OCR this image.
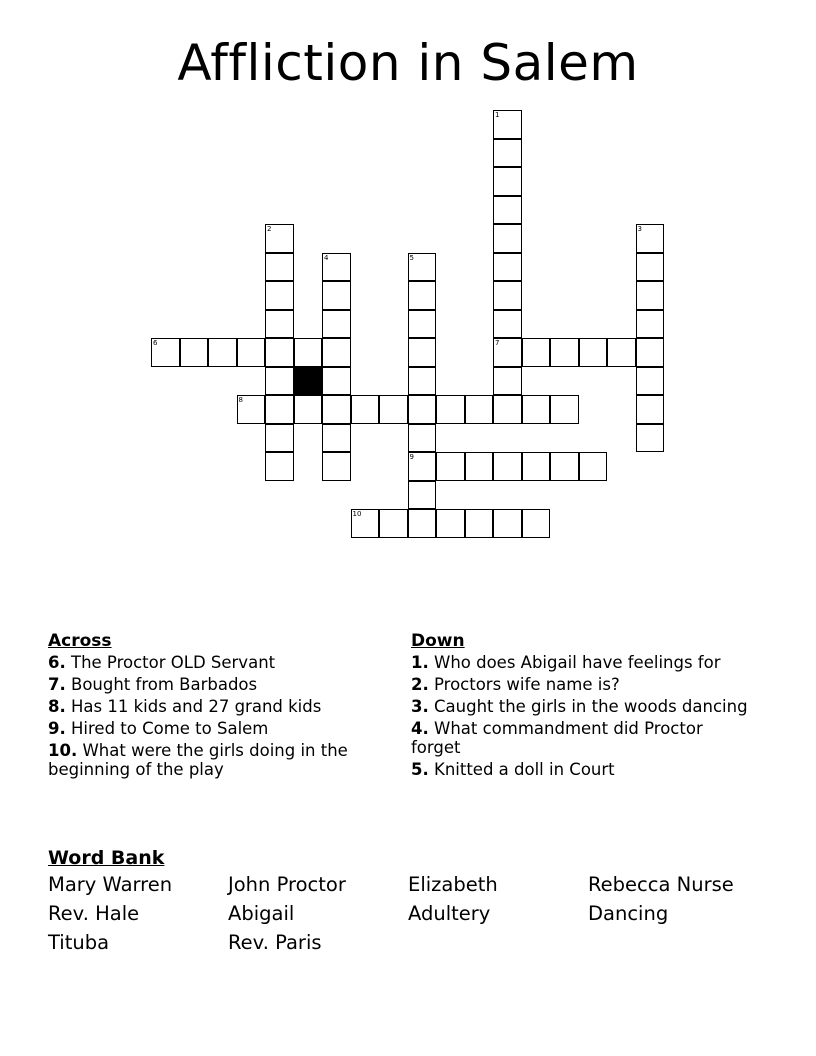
Affliction in Salem
1
7
2	3
4	5
9
6
8
10
Across
6. The Proctor OLD Servant
7. Bought from Barbados
8. Has 11 kids and 27 grand kids
9. Hired to Come to Salem
10. What were the girls doing in the beginning of the play
Down
1. Who does Abigail have feelings for
2. Proctors wife name is?
3. Caught the girls in the woods dancing
4. What commandment did Proctor forget
5. Knitted a doll in Court
Word Bank
Mary Warren	John Proctor	Elizabeth	Rebecca Nurse
Rev. Hale	Abigail	Adultery	Dancing
Tituba	Rev. Paris
